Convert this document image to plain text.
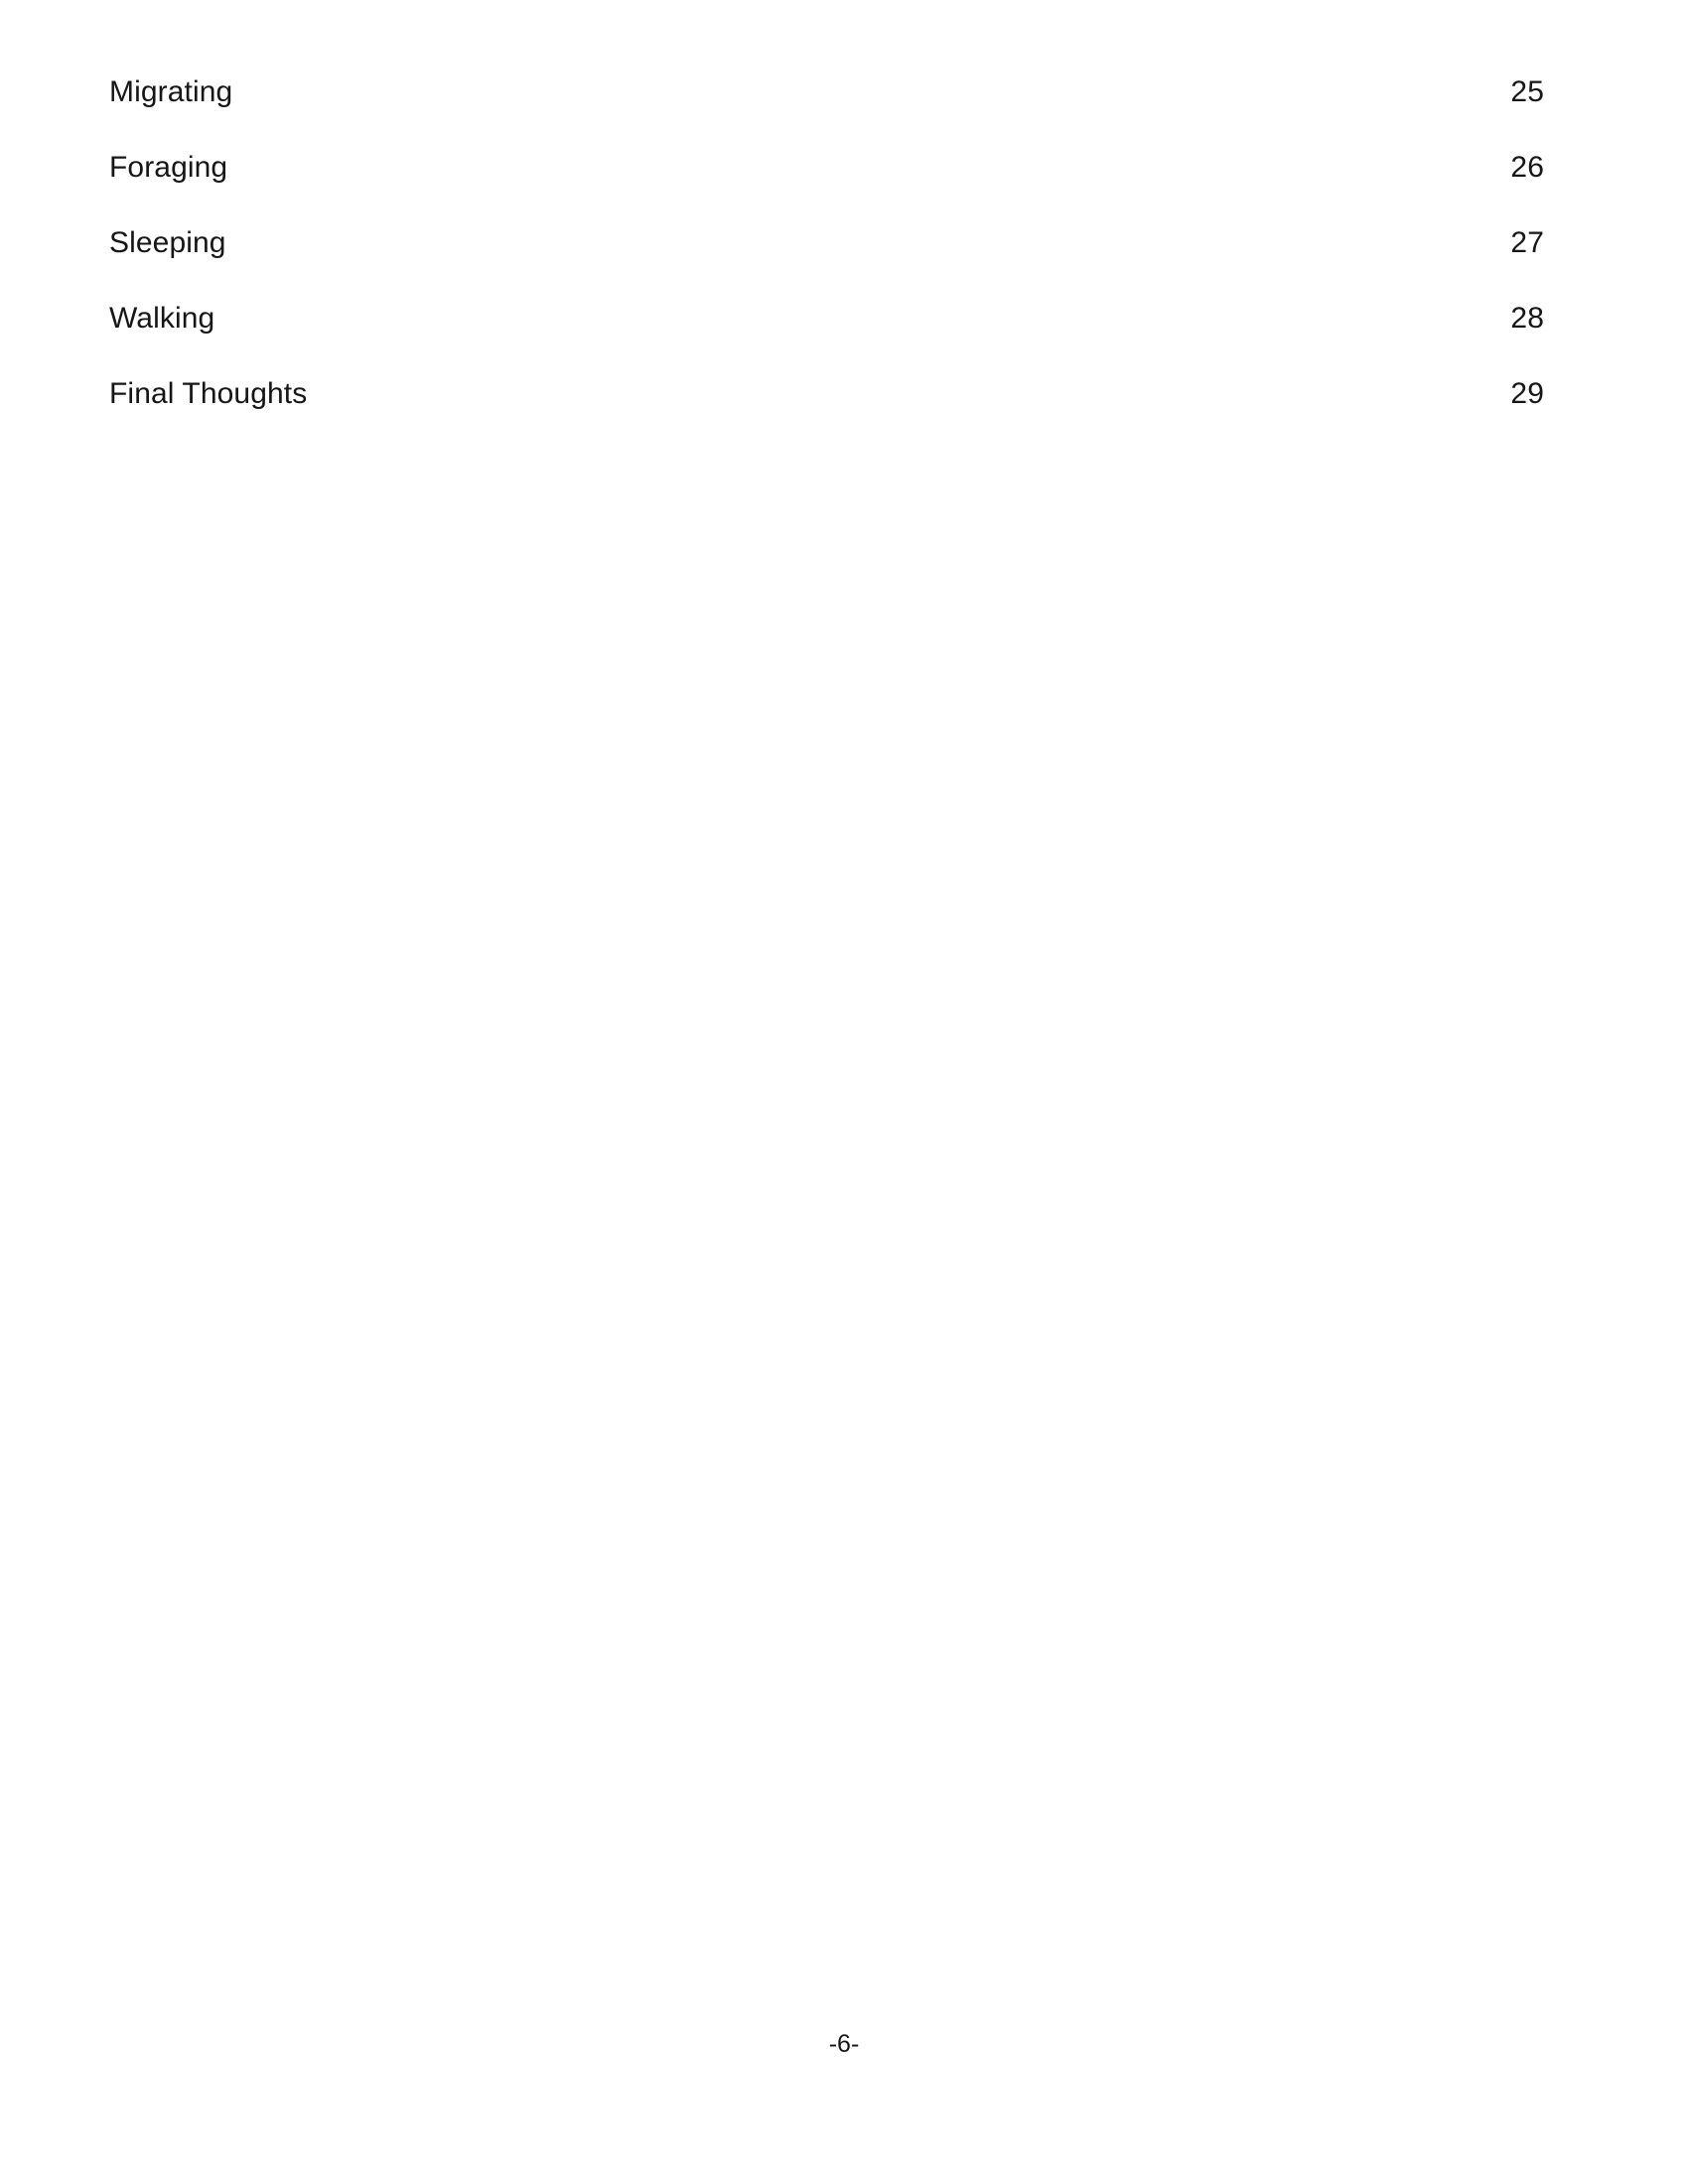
Migrating	25
Foraging	26
Sleeping	27
Walking	28
Final Thoughts	29
-6-
